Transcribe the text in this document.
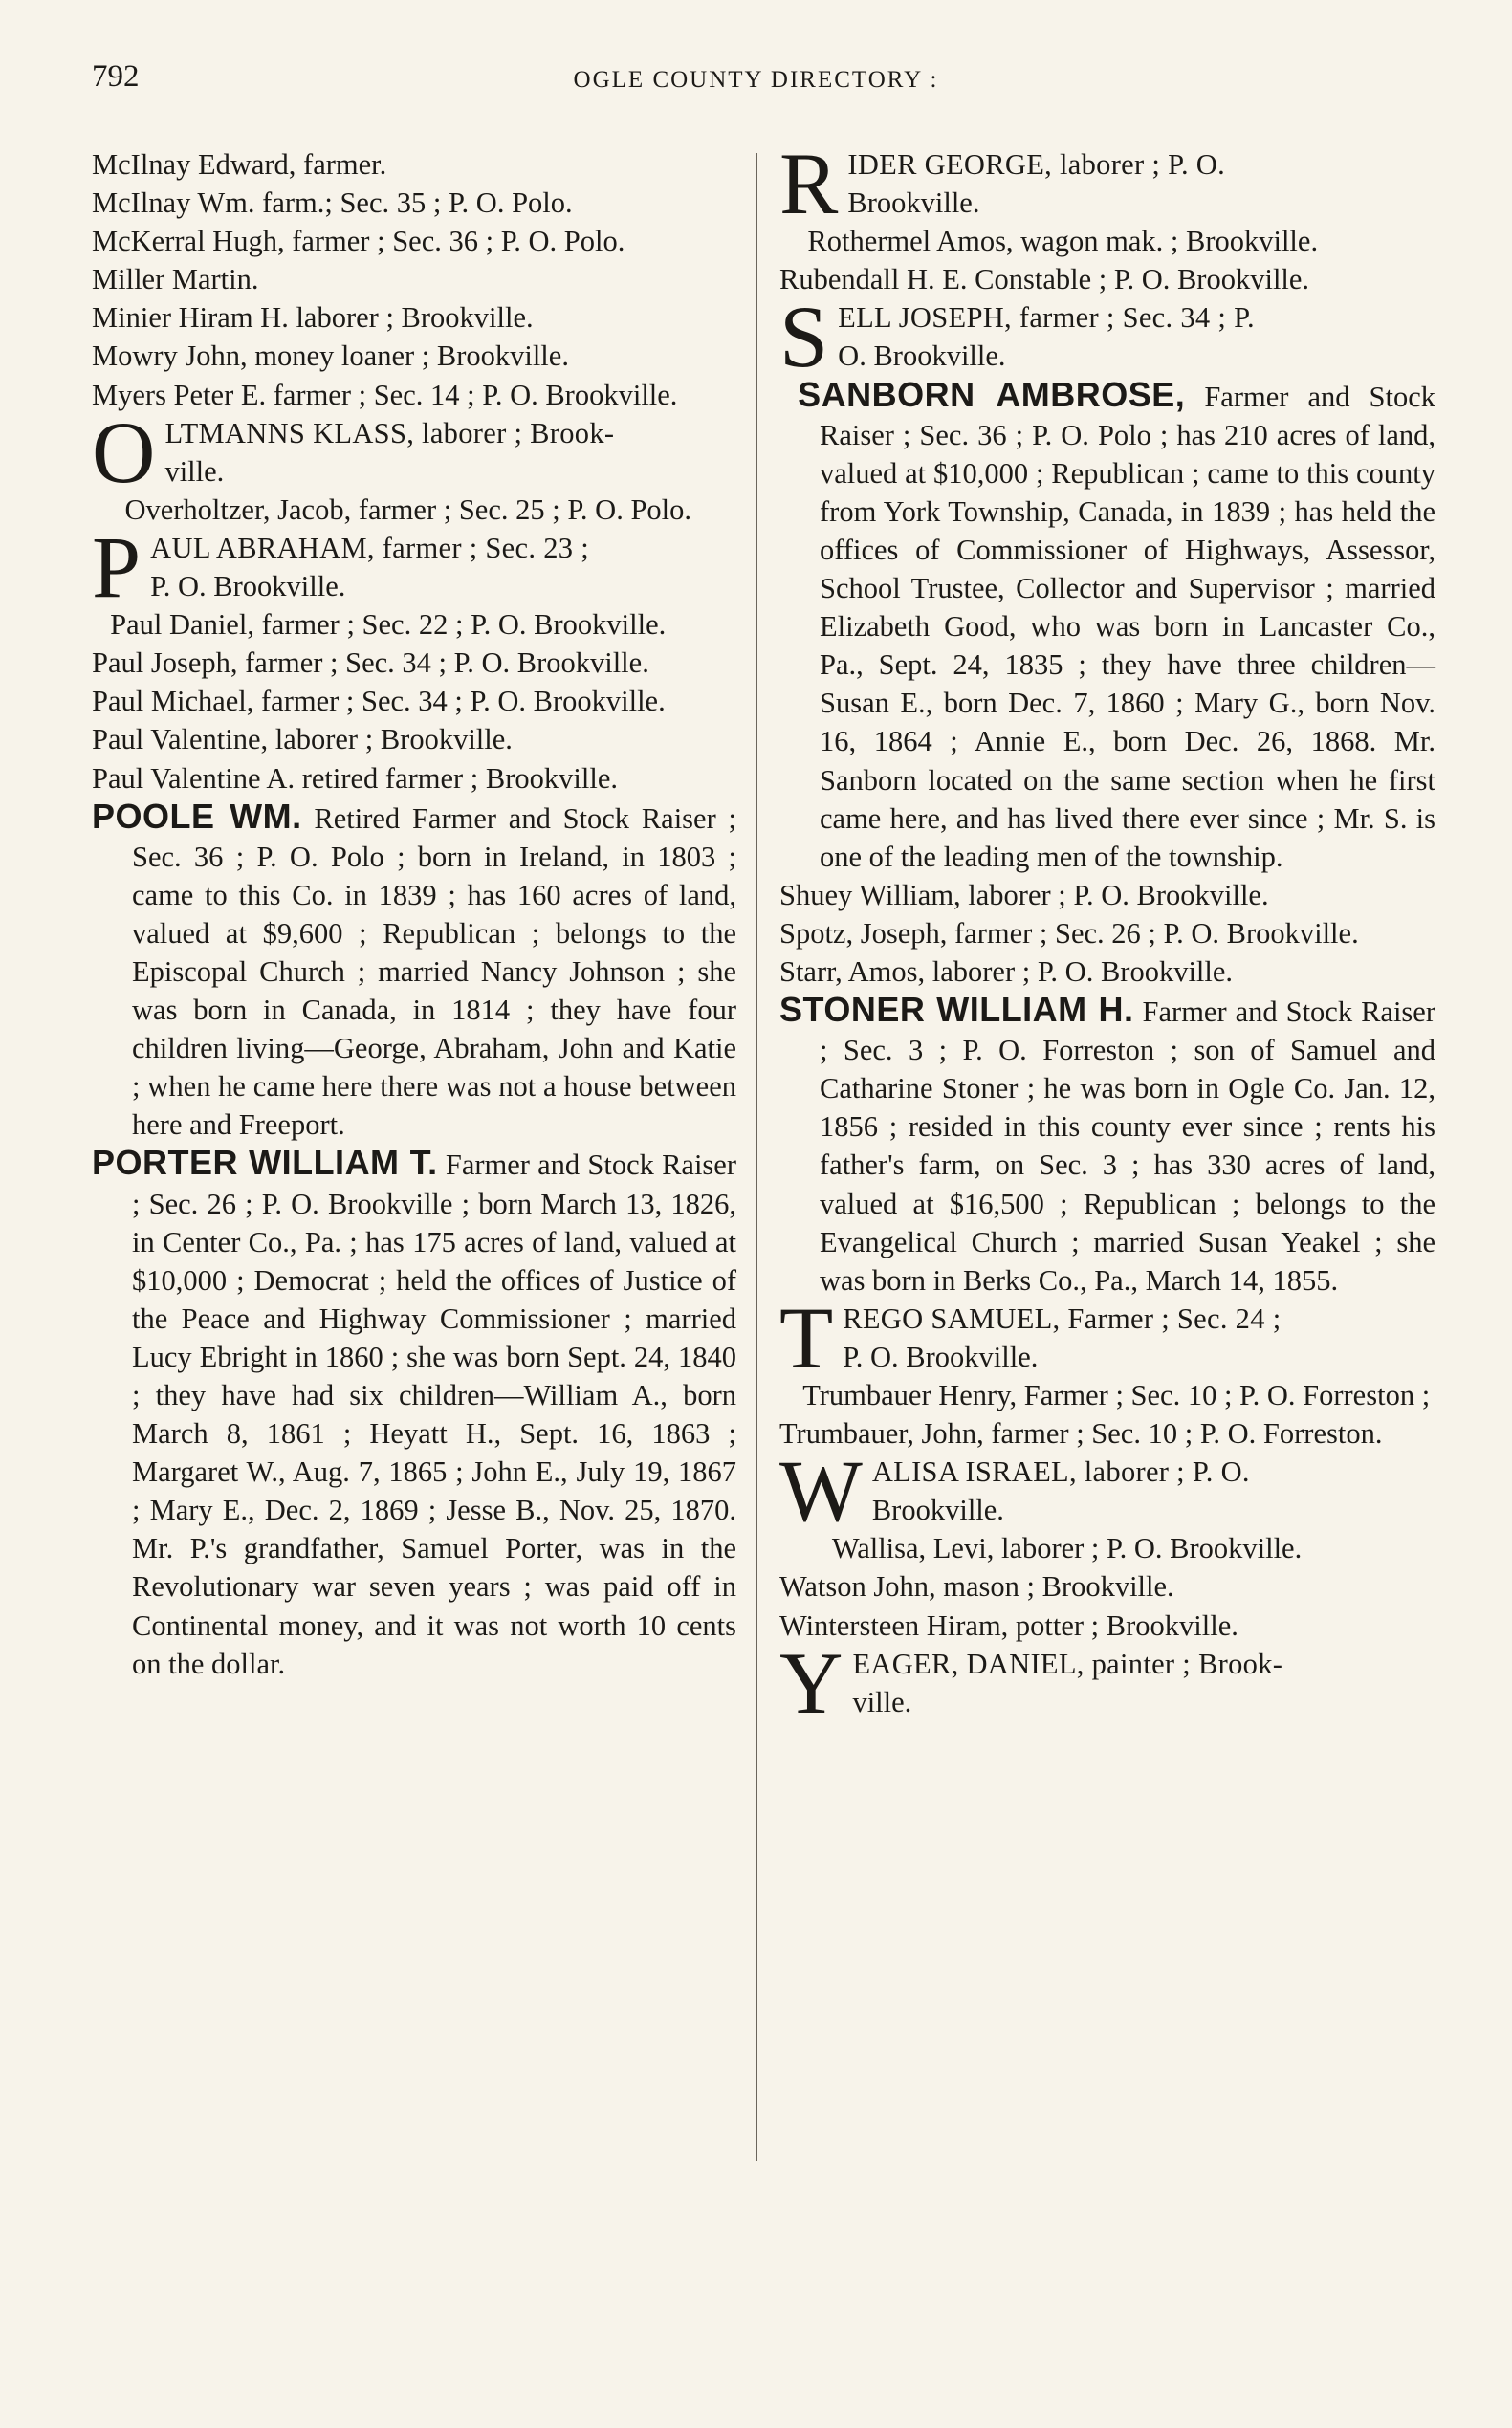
792	OGLE COUNTY DIRECTORY :

McIlnay Edward, farmer.

McIlnay Wm. farm.; Sec. 35 ; P. O. Polo.

McKerral Hugh, farmer ; Sec. 36 ; P. O. Polo.

Miller Martin.

Minier Hiram H. laborer ; Brookville.

Mowry John, money loaner ; Brookville.

Myers Peter E. farmer ; Sec. 14 ; P. O. Brookville.

OLTMANNS KLASS, laborer ; Brook-
ville.

Overholtzer, Jacob, farmer ; Sec. 25 ; P. O. Polo.

PAUL ABRAHAM, farmer ; Sec. 23 ;
P. O. Brookville.

Paul Daniel, farmer ; Sec. 22 ; P. O. Brookville.

Paul Joseph, farmer ; Sec. 34 ; P. O. Brookville.

Paul Michael, farmer ; Sec. 34 ; P. O. Brookville.

Paul Valentine, laborer ; Brookville.

Paul Valentine A. retired farmer ; Brookville.

POOLE WM. Retired Farmer and Stock Raiser ; Sec. 36 ; P. O. Polo ; born in Ireland, in 1803 ; came to this Co. in 1839 ; has 160 acres of land, valued at $9,600 ; Republican ; belongs to the Episcopal Church ; married Nancy Johnson ; she was born in Canada, in 1814 ; they have four children living—George, Abraham, John and Katie ; when he came here there was not a house between here and Freeport.

PORTER WILLIAM T. Farmer and Stock Raiser ; Sec. 26 ; P. O. Brookville ; born March 13, 1826, in Center Co., Pa. ; has 175 acres of land, valued at $10,000 ; Democrat ; held the offices of Justice of the Peace and Highway Commissioner ; married Lucy Ebright in 1860 ; she was born Sept. 24, 1840 ; they have had six children—William A., born March 8, 1861 ; Heyatt H., Sept. 16, 1863 ; Margaret W., Aug. 7, 1865 ; John E., July 19, 1867 ; Mary E., Dec. 2, 1869 ; Jesse B., Nov. 25, 1870. Mr. P.'s grandfather, Samuel Porter, was in the Revolutionary war seven years ; was paid off in Continental money, and it was not worth 10 cents on the dollar.

RIDER GEORGE, laborer ; P. O.
Brookville.

Rothermel Amos, wagon mak. ; Brookville.

Rubendall H. E. Constable ; P. O. Brookville.

SELL JOSEPH, farmer ; Sec. 34 ; P.
O. Brookville.

SANBORN AMBROSE, Farmer and Stock Raiser ; Sec. 36 ; P. O. Polo ; has 210 acres of land, valued at $10,000 ; Republican ; came to this county from York Township, Canada, in 1839 ; has held the offices of Commissioner of Highways, Assessor, School Trustee, Collector and Supervisor ; married Elizabeth Good, who was born in Lancaster Co., Pa., Sept. 24, 1835 ; they have three children—Susan E., born Dec. 7, 1860 ; Mary G., born Nov. 16, 1864 ; Annie E., born Dec. 26, 1868. Mr. Sanborn located on the same section when he first came here, and has lived there ever since ; Mr. S. is one of the leading men of the township.

Shuey William, laborer ; P. O. Brookville.

Spotz, Joseph, farmer ; Sec. 26 ; P. O. Brookville.

Starr, Amos, laborer ; P. O. Brookville.

STONER WILLIAM H. Farmer and Stock Raiser ; Sec. 3 ; P. O. Forreston ; son of Samuel and Catharine Stoner ; he was born in Ogle Co. Jan. 12, 1856 ; resided in this county ever since ; rents his father's farm, on Sec. 3 ; has 330 acres of land, valued at $16,500 ; Republican ; belongs to the Evangelical Church ; married Susan Yeakel ; she was born in Berks Co., Pa., March 14, 1855.

TREGO SAMUEL, Farmer ; Sec. 24 ;
P. O. Brookville.

Trumbauer Henry, Farmer ; Sec. 10 ; P. O. Forreston ;

Trumbauer, John, farmer ; Sec. 10 ; P. O. Forreston.

WALISA ISRAEL, laborer ; P. O.
Brookville.

Wallisa, Levi, laborer ; P. O. Brookville.

Watson John, mason ; Brookville.

Wintersteen Hiram, potter ; Brookville.

YEAGER, DANIEL, painter ; Brook-
ville.
